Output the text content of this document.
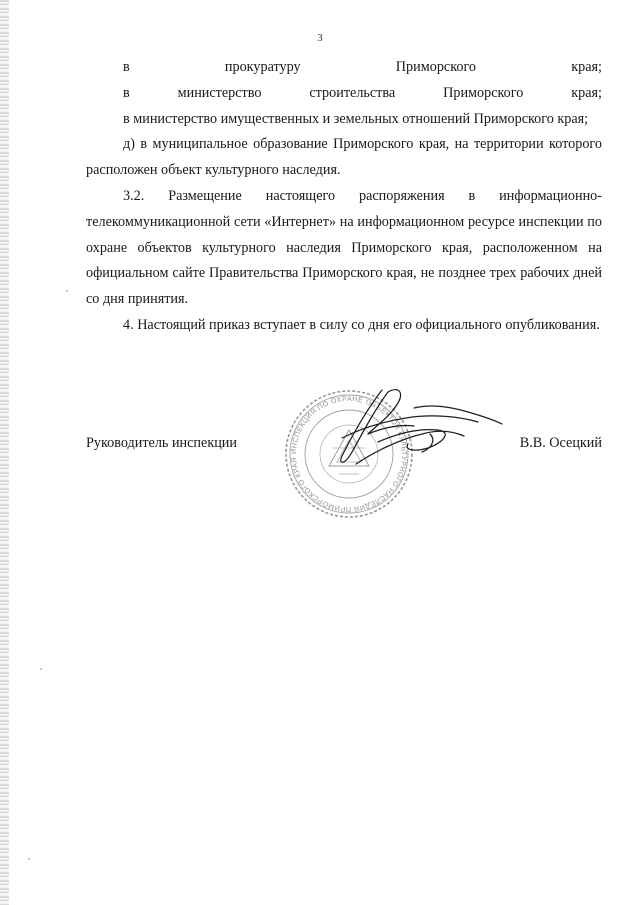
3

в прокуратуру Приморского края;

в министерство строительства Приморского края;

в министерство имущественных и земельных отношений Приморского края;

д) в муниципальное образование Приморского края, на территории которого расположен объект культурного наследия.

3.2. Размещение настоящего распоряжения в информационно-телекоммуникационной сети «Интернет» на информационном ресурсе инспекции по охране объектов культурного наследия Приморского края, расположенном на официальном сайте Правительства Приморского края, не позднее трех рабочих дней со дня принятия.

4. Настоящий приказ вступает в силу со дня его официального опубликования.

Руководитель инспекции	В.В. Осецкий
ИНСПЕКЦИЯ ПО ОХРАНЕ ОБЪЕКТОВ КУЛЬТУРНОГО НАСЛЕДИЯ ПРИМОРСКОГО КРАЯ
